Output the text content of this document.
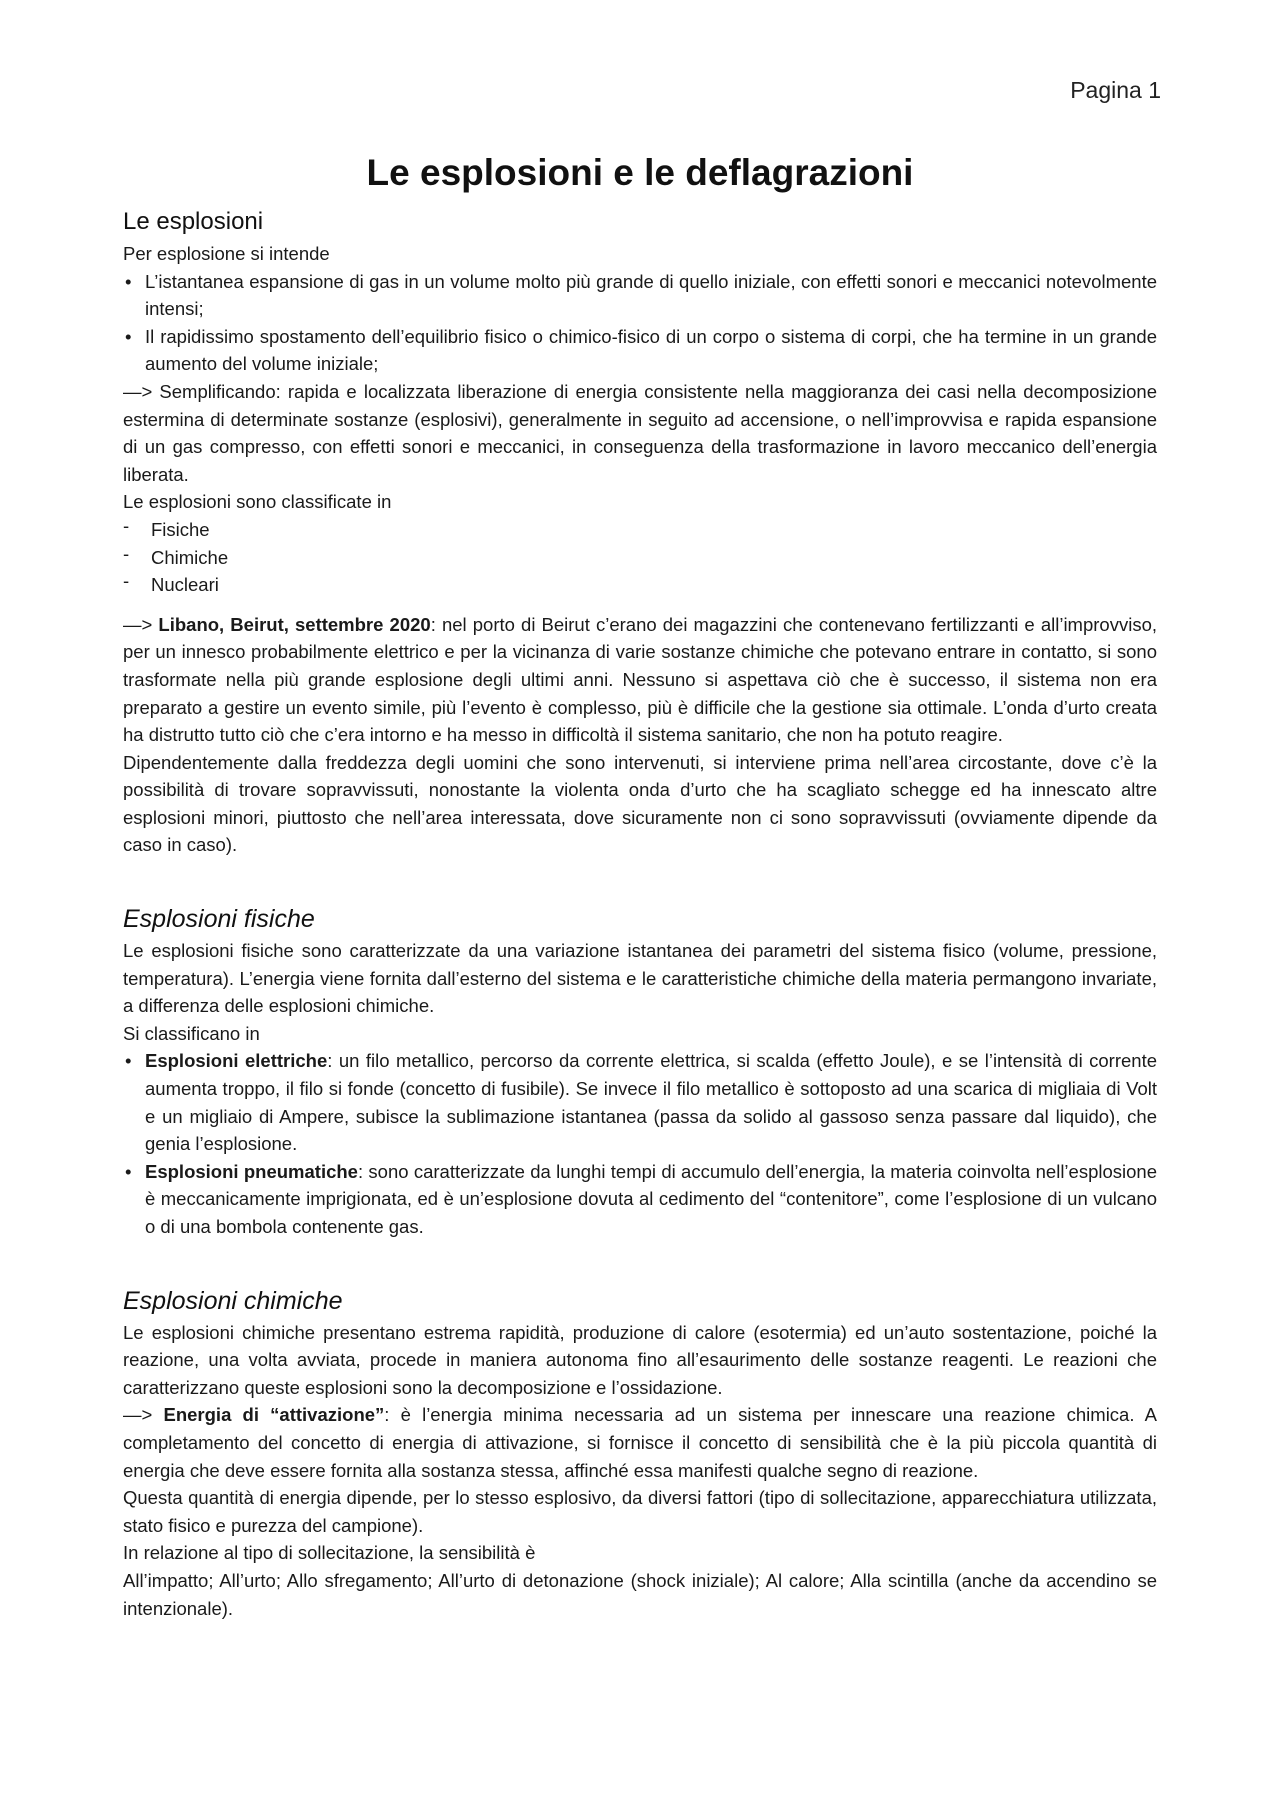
Pagina 1
Le esplosioni e le deflagrazioni
Le esplosioni

Per esplosione si intende

• L’istantanea espansione di gas in un volume molto più grande di quello iniziale, con effetti sonori e meccanici notevolmente intensi;
• Il rapidissimo spostamento dell’equilibrio fisico o chimico-fisico di un corpo o sistema di corpi, che ha termine in un grande aumento del volume iniziale;

—> Semplificando: rapida e localizzata liberazione di energia consistente nella maggioranza dei casi nella decomposizione estermina di determinate sostanze (esplosivi), generalmente in seguito ad accensione, o nell’improvvisa e rapida espansione di un gas compresso, con effetti sonori e meccanici, in conseguenza della trasformazione in lavoro meccanico dell’energia liberata.

Le esplosioni sono classificate in

- Fisiche
- Chimiche
- Nucleari

—> Libano, Beirut, settembre 2020: nel porto di Beirut c’erano dei magazzini che contenevano fertilizzanti e all’improvviso, per un innesco probabilmente elettrico e per la vicinanza di varie sostanze chimiche che potevano entrare in contatto, si sono trasformate nella più grande esplosione degli ultimi anni. Nessuno si aspettava ciò che è successo, il sistema non era preparato a gestire un evento simile, più l’evento è complesso, più è difficile che la gestione sia ottimale. L’onda d’urto creata ha distrutto tutto ciò che c’era intorno e ha messo in difficoltà il sistema sanitario, che non ha potuto reagire.

Dipendentemente dalla freddezza degli uomini che sono intervenuti, si interviene prima nell’area circostante, dove c’è la possibilità di trovare sopravvissuti, nonostante la violenta onda d’urto che ha scagliato schegge ed ha innescato altre esplosioni minori, piuttosto che nell’area interessata, dove sicuramente non ci sono sopravvissuti (ovviamente dipende da caso in caso).

Esplosioni fisiche

Le esplosioni fisiche sono caratterizzate da una variazione istantanea dei parametri del sistema fisico (volume, pressione, temperatura). L’energia viene fornita dall’esterno del sistema e le caratteristiche chimiche della materia permangono invariate, a differenza delle esplosioni chimiche.

Si classificano in

• Esplosioni elettriche: un filo metallico, percorso da corrente elettrica, si scalda (effetto Joule), e se l’intensità di corrente aumenta troppo, il filo si fonde (concetto di fusibile). Se invece il filo metallico è sottoposto ad una scarica di migliaia di Volt e un migliaio di Ampere, subisce la sublimazione istantanea (passa da solido al gassoso senza passare dal liquido), che genia l’esplosione.
• Esplosioni pneumatiche: sono caratterizzate da lunghi tempi di accumulo dell’energia, la materia coinvolta nell’esplosione è meccanicamente imprigionata, ed è un’esplosione dovuta al cedimento del “contenitore”, come l’esplosione di un vulcano o di una bombola contenente gas.
Esplosioni chimiche

Le esplosioni chimiche presentano estrema rapidità, produzione di calore (esotermia) ed un’auto sostentazione, poiché la reazione, una volta avviata, procede in maniera autonoma fino all’esaurimento delle sostanze reagenti. Le reazioni che caratterizzano queste esplosioni sono la decomposizione e l’ossidazione.

—> Energia di “attivazione”: è l’energia minima necessaria ad un sistema per innescare una reazione chimica. A completamento del concetto di energia di attivazione, si fornisce il concetto di sensibilità che è la più piccola quantità di energia che deve essere fornita alla sostanza stessa, affinché essa manifesti qualche segno di reazione.

Questa quantità di energia dipende, per lo stesso esplosivo, da diversi fattori (tipo di sollecitazione, apparecchiatura utilizzata, stato fisico e purezza del campione).

In relazione al tipo di sollecitazione, la sensibilità è

All’impatto; All’urto; Allo sfregamento; All’urto di detonazione (shock iniziale); Al calore; Alla scintilla (anche da accendino se intenzionale).
